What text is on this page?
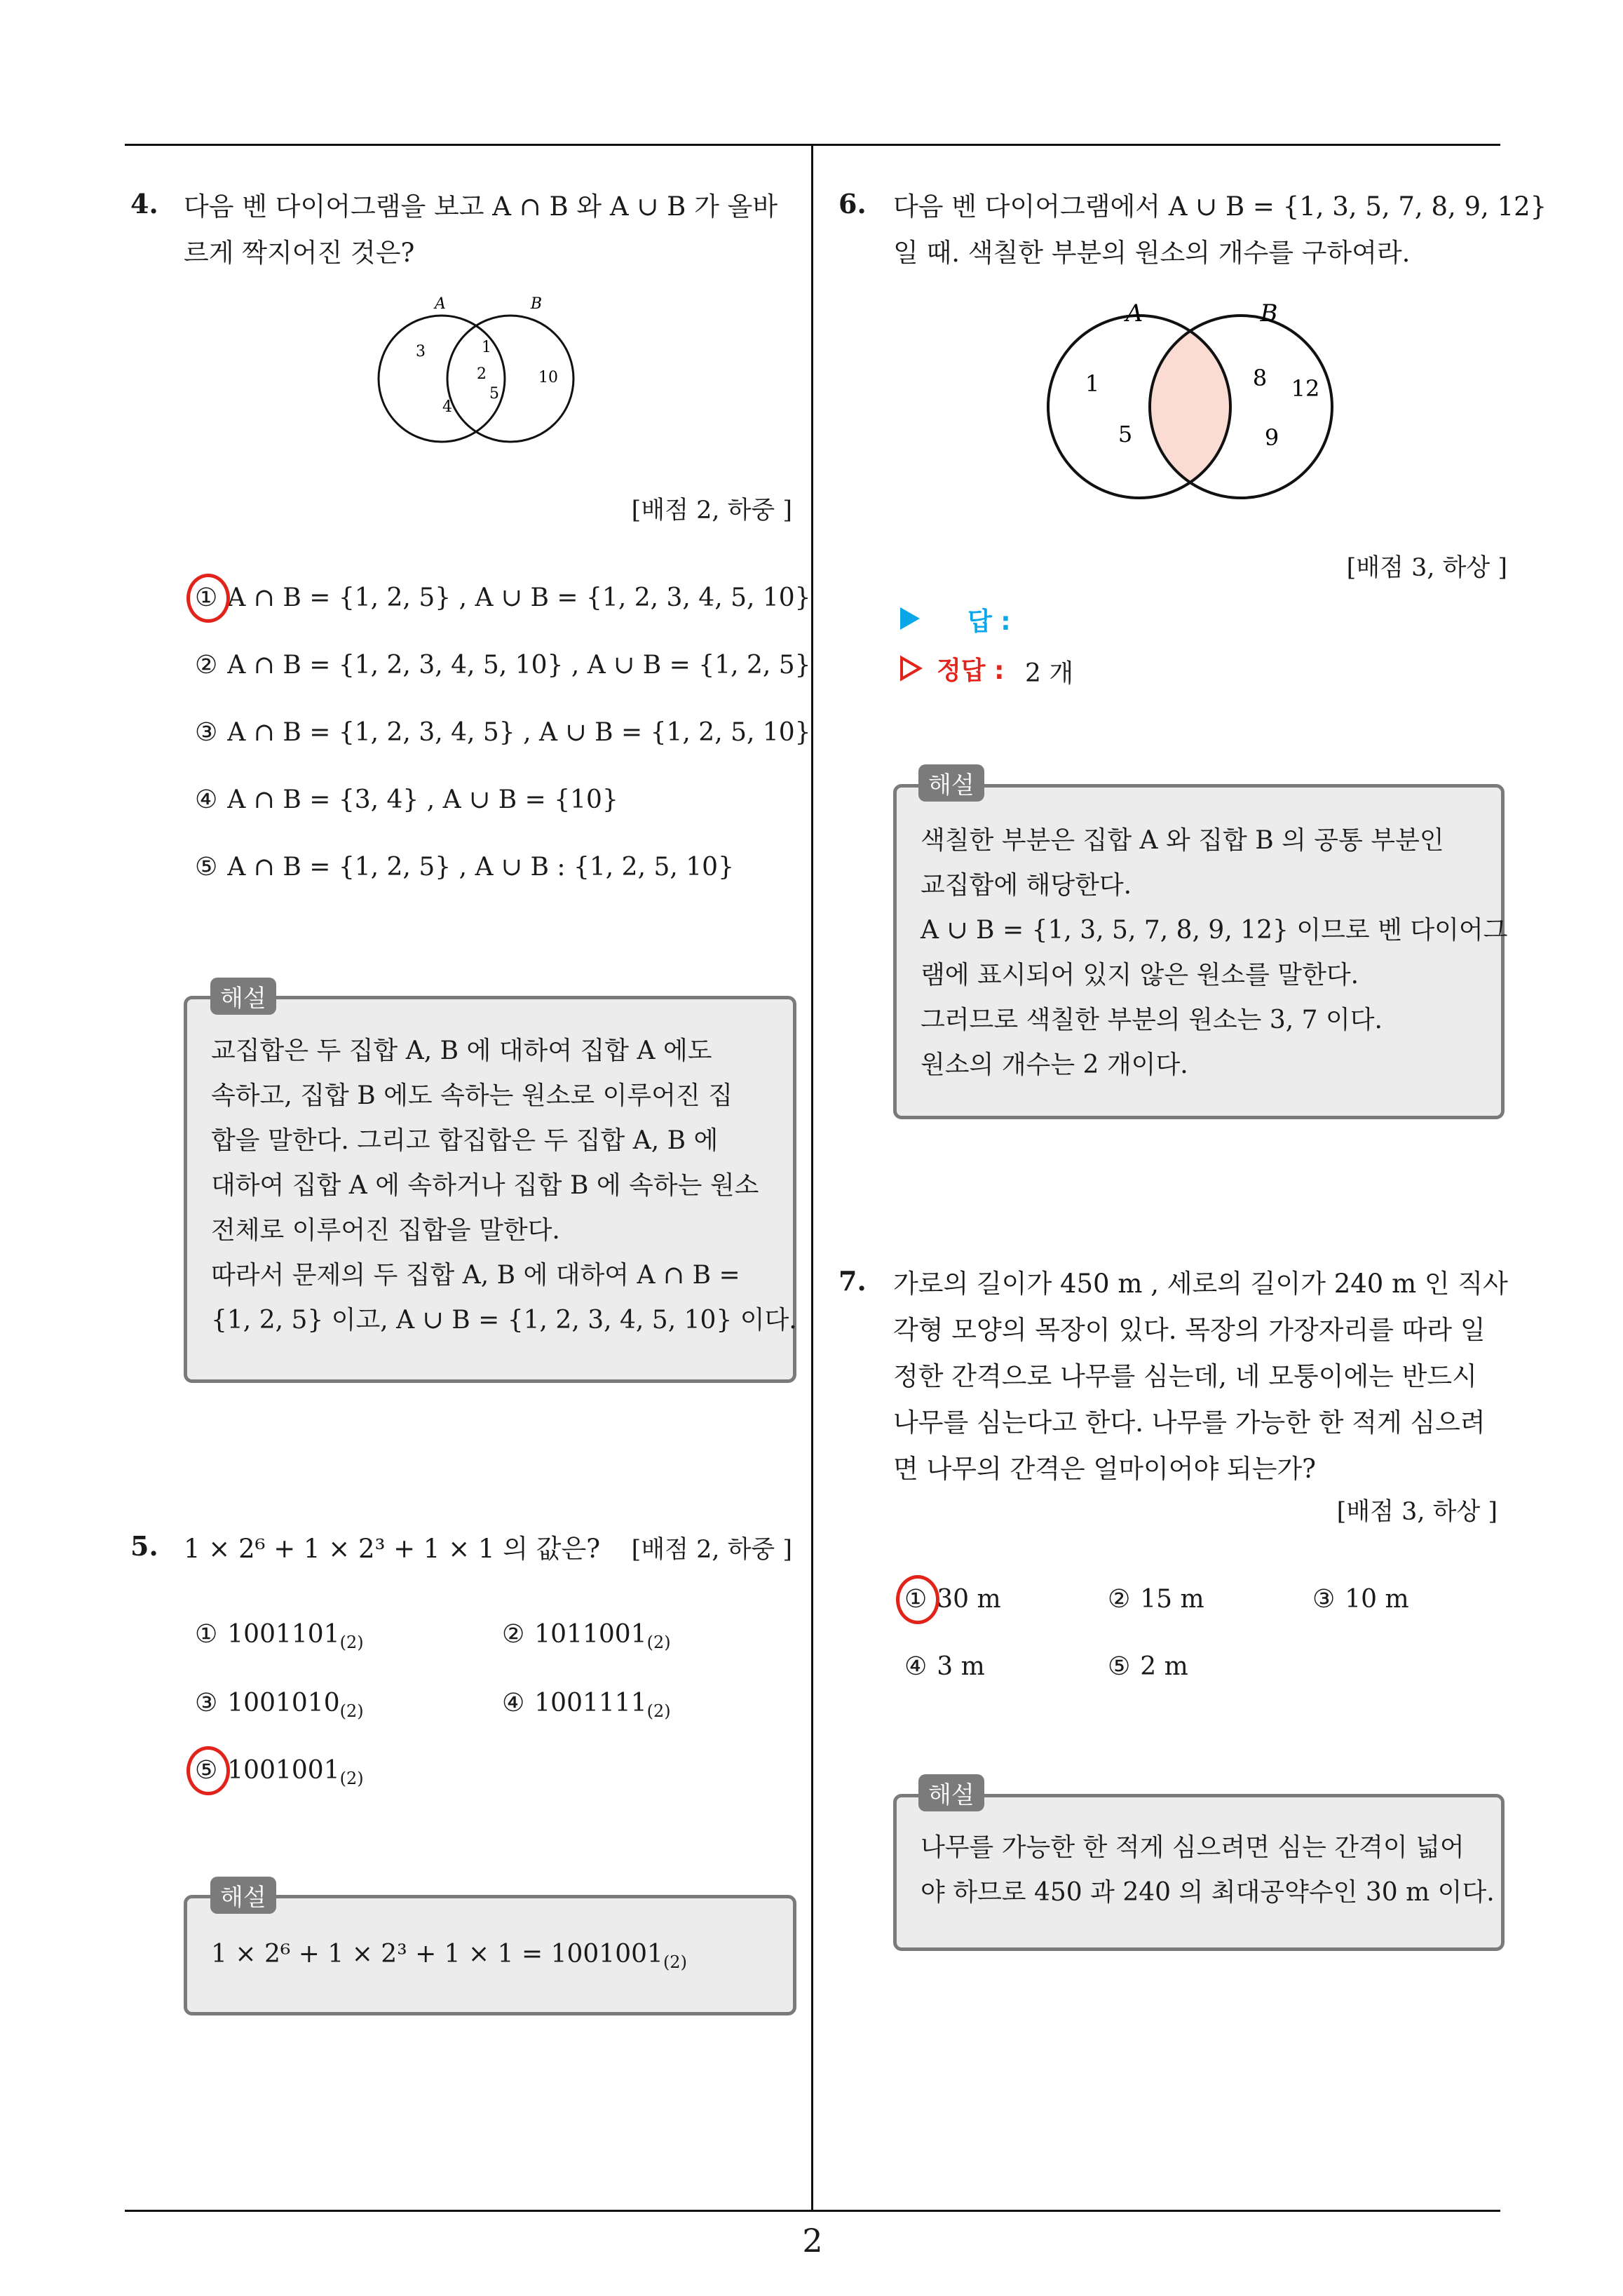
2
4. 다음 벤 다이어그램을 보고 A ∩ B 와 A ∪ B 가 올바
르게 짝지어진 것은?
A	B
3
4
1
2
5
10
[배점 2, 하중 ]
① A ∩ B = {1, 2, 5} , A ∪ B = {1, 2, 3, 4, 5, 10}
② A ∩ B = {1, 2, 3, 4, 5, 10} , A ∪ B = {1, 2, 5}
③ A ∩ B = {1, 2, 3, 4, 5} , A ∪ B = {1, 2, 5, 10}
④ A ∩ B = {3, 4} , A ∪ B = {10}
⑤ A ∩ B = {1, 2, 5} , A ∪ B : {1, 2, 5, 10}
교집합은 두 집합 A, B 에 대하여 집합 A 에도
속하고, 집합 B 에도 속하는 원소로 이루어진 집
합을 말한다. 그리고 합집합은 두 집합 A, B 에
대하여 집합 A 에 속하거나 집합 B 에 속하는 원소
전체로 이루어진 집합을 말한다.
따라서 문제의 두 집합 A, B 에 대하여 A ∩ B =
{1, 2, 5} 이고, A ∪ B = {1, 2, 3, 4, 5, 10} 이다.
해설
5. 1 × 2⁶ + 1 × 2³ + 1 × 1 의 값은?	[배점 2, 하중 ]
① $1001101_{(2)}$	② $1011001_{(2)}$
③ $1001010_{(2)}$	④ $1001111_{(2)}$
⑤ $1001001_{(2)}$
$1 \times 2^6 + 1 \times 2^3 + 1 \times 1 = 1001001_{(2)}$
해설
6. 다음 벤 다이어그램에서 A ∪ B = {1, 3, 5, 7, 8, 9, 12}
일 때. 색칠한 부분의 원소의 개수를 구하여라.
A	B
1
5
8 12
9
[배점 3, 하상 ]
답 :
정답 : 2 개
색칠한 부분은 집합 A 와 집합 B 의 공통 부분인
교집합에 해당한다.
A ∪ B = {1, 3, 5, 7, 8, 9, 12} 이므로 벤 다이어그
램에 표시되어 있지 않은 원소를 말한다.
그러므로 색칠한 부분의 원소는 3, 7 이다.
원소의 개수는 2 개이다.
해설
7. 가로의 길이가 450 m , 세로의 길이가 240 m 인 직사
각형 모양의 목장이 있다. 목장의 가장자리를 따라 일
정한 간격으로 나무를 심는데, 네 모퉁이에는 반드시
나무를 심는다고 한다. 나무를 가능한 한 적게 심으려
면 나무의 간격은 얼마이어야 되는가?
[배점 3, 하상 ]
① 30 m	② 15 m	③ 10 m
④ 3 m	⑤ 2 m
나무를 가능한 한 적게 심으려면 심는 간격이 넓어
야 하므로 450 과 240 의 최대공약수인 30 m 이다.
해설
